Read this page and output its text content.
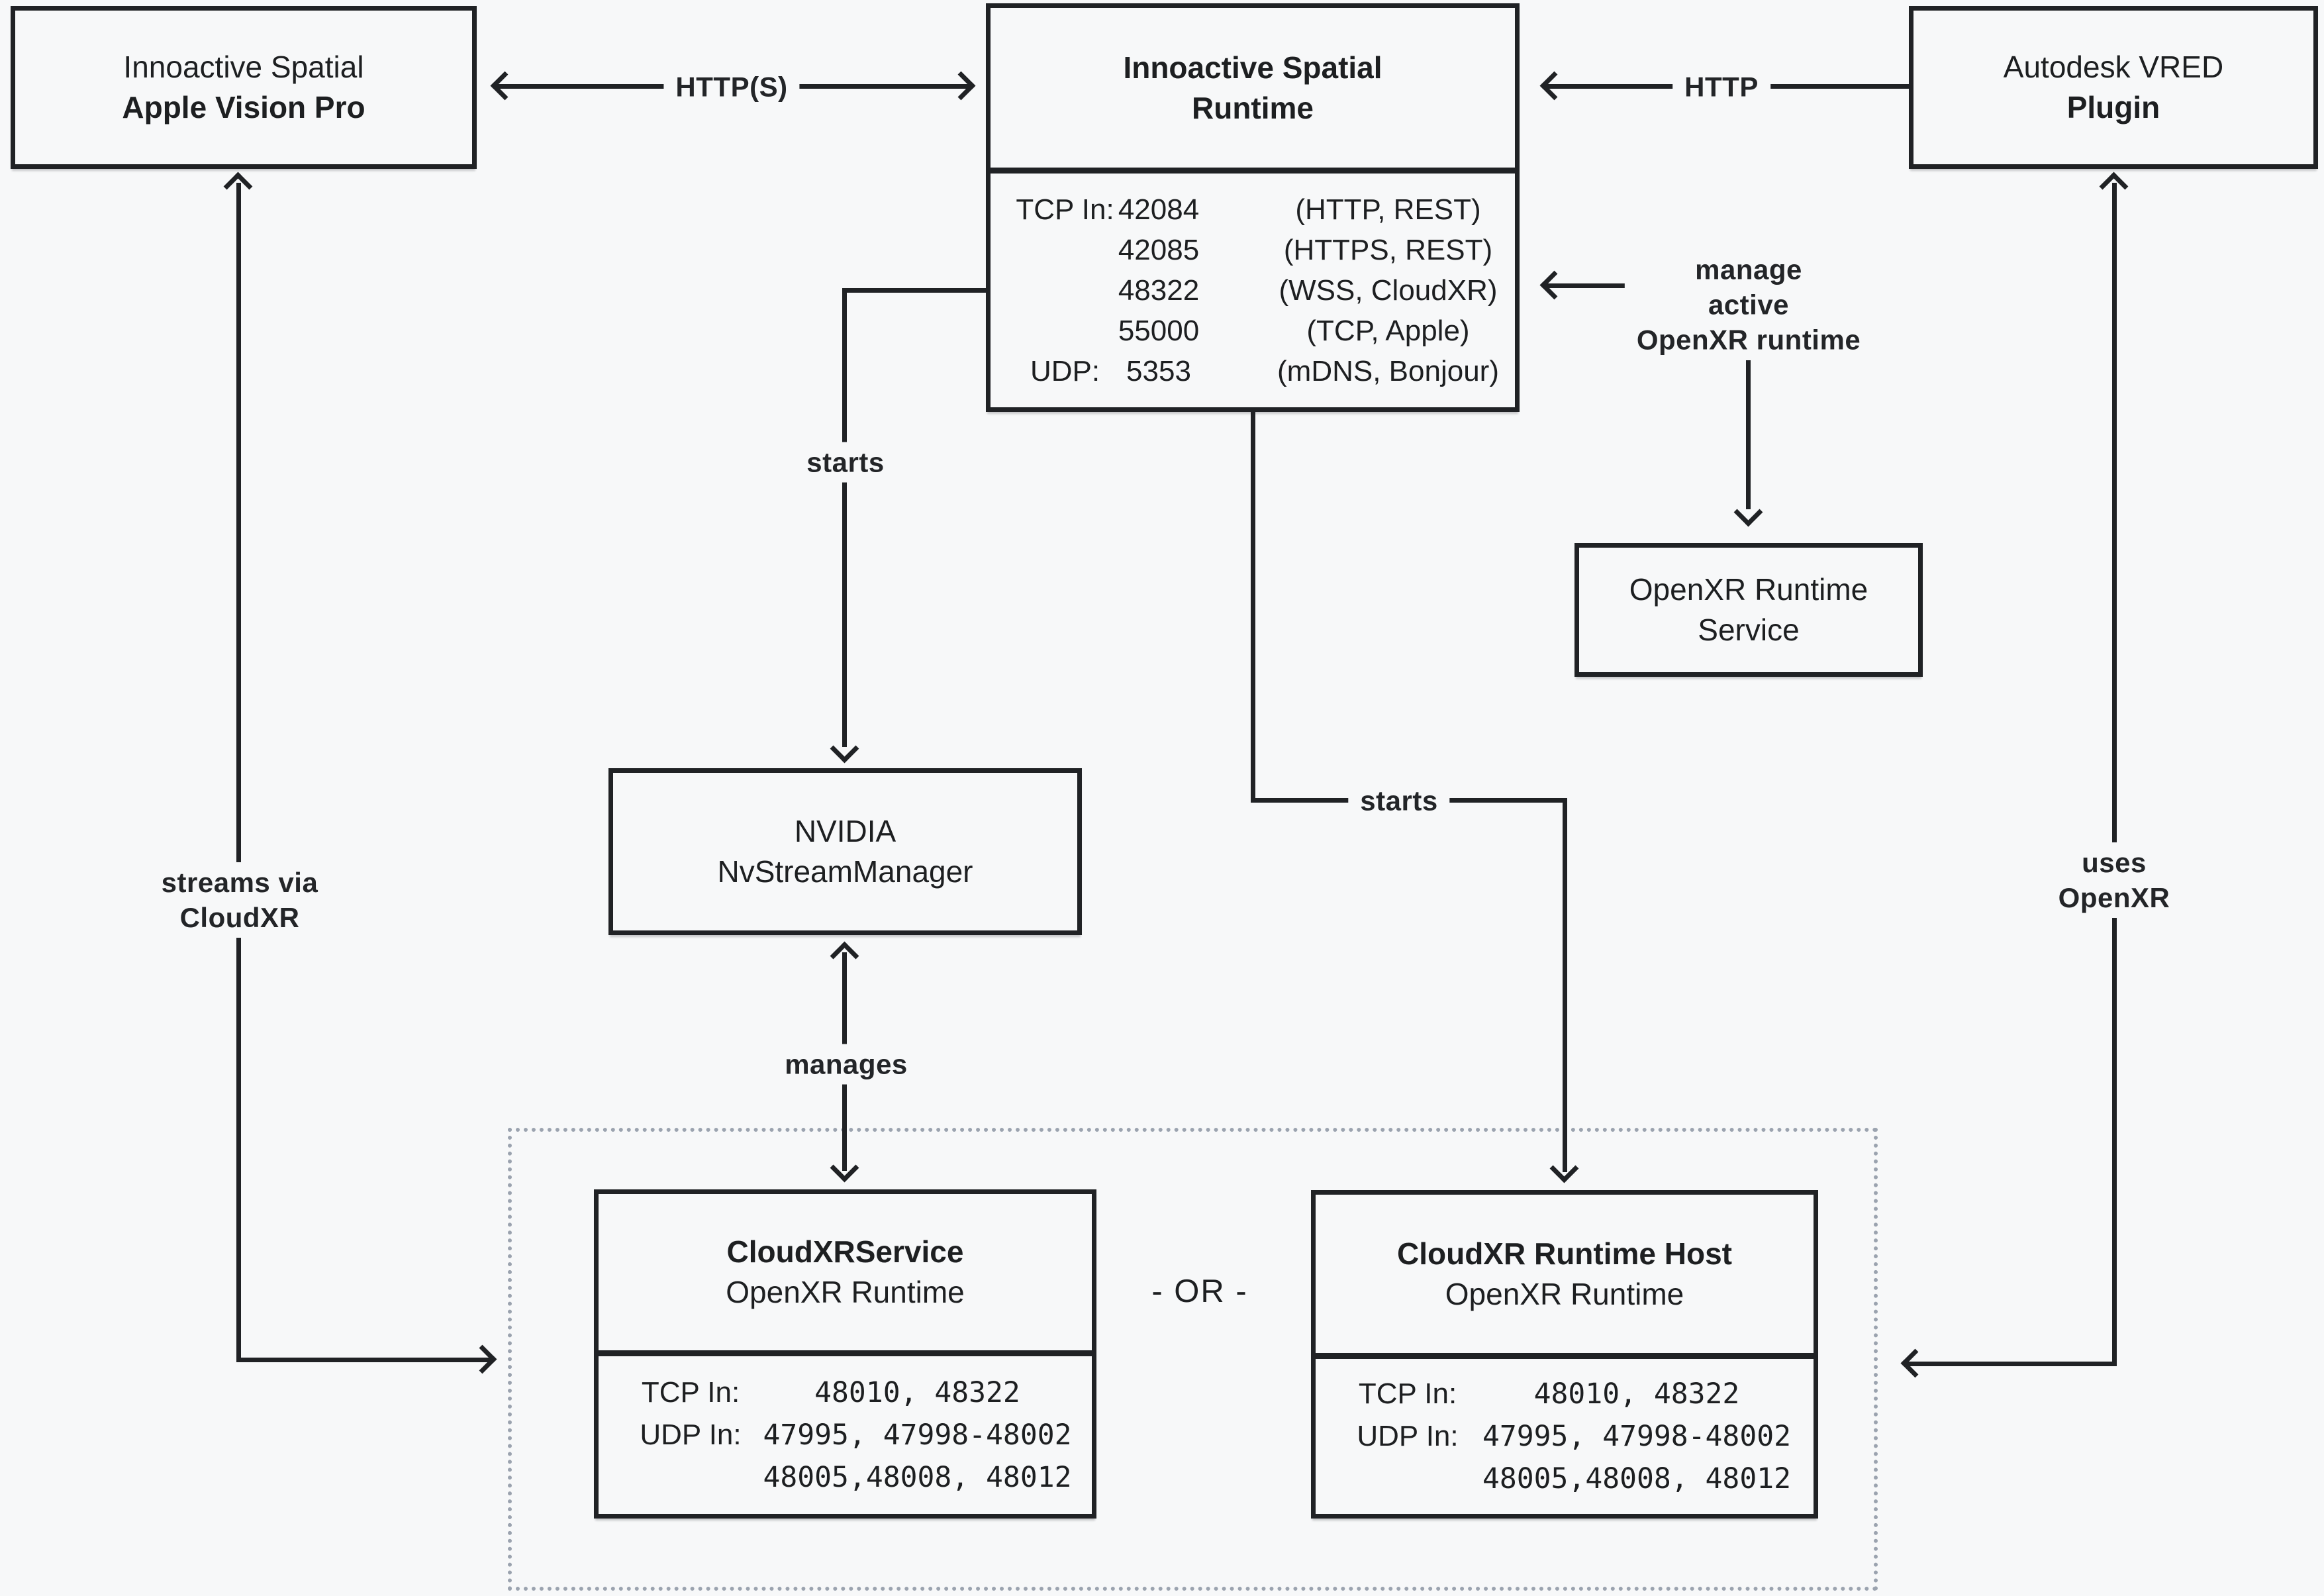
Innoactive Spatial
Apple Vision Pro
Innoactive Spatial
Runtime
TCP In: 42084	(HTTP, REST)
42085	(HTTPS, REST)
48322	(WSS, CloudXR)
55000	(TCP, Apple)
UDP: 5353	(mDNS, Bonjour)
Autodesk VRED
Plugin
OpenXR Runtime
Service
NVIDIA
NvStreamManager
CloudXRService
OpenXR Runtime
TCP In:	48010, 48322
UDP In: 47995, 47998-48002
48005,48008, 48012
CloudXR Runtime Host
OpenXR Runtime
TCP In:	48010, 48322
UDP In: 47995, 47998-48002
48005,48008, 48012
HTTP(S)	HTTP
manage
active
OpenXR runtime
starts
manages
starts
streams via
CloudXR
uses
OpenXR
- OR -
